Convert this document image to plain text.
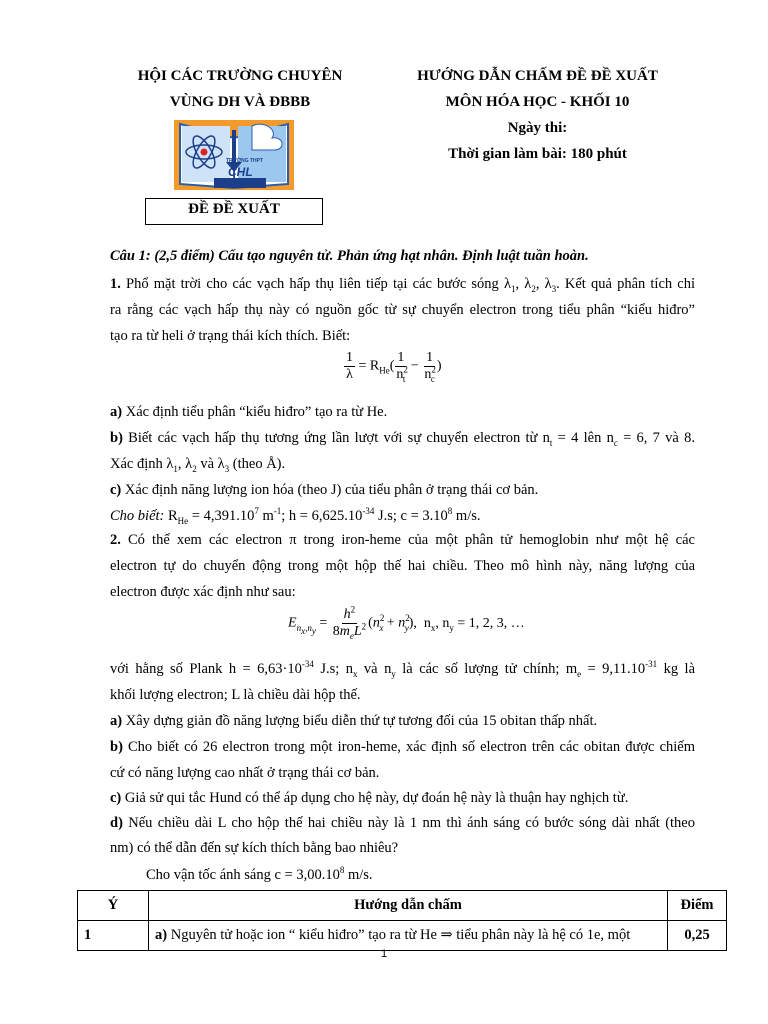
HỘI CÁC TRƯỜNG CHUYÊN
VÙNG DH VÀ ĐBBB
HƯỚNG DẪN CHẤM ĐỀ ĐỀ XUẤT
MÔN HÓA HỌC - KHỐI 10
Ngày thi:
Thời gian làm bài: 180 phút
TRƯỜNG THPT
CHL
ĐỀ ĐỀ XUẤT
Câu 1: (2,5 điểm) Cấu tạo nguyên tử. Phản ứng hạt nhân. Định luật tuần hoàn.
1. Phổ mặt trời cho các vạch hấp thụ liên tiếp tại các bước sóng $\lambda_1$, $\lambda_2$, $\lambda_3$. Kết quả phân tích chỉ
ra rằng các vạch hấp thụ này có nguồn gốc từ sự chuyển electron trong tiểu phân “kiểu hiđro”
tạo ra từ heli ở trạng thái kích thích. Biết:
$\frac{1}{\lambda} = R_{He}( \frac{1}{n^2_t} - \frac{1}{n^2_c}$ )
a) Xác định tiểu phân “kiểu hiđro” tạo ra từ He.
b) Biết các vạch hấp thụ tương ứng lần lượt với sự chuyển electron từ $n_t = 4$ lên $n_c = 6$, 7 và 8.
Xác định $\lambda_1$, $\lambda_2$ và $\lambda_3$ (theo Å).
c) Xác định năng lượng ion hóa (theo J) của tiểu phân ở trạng thái cơ bản.
Cho biết: $R_{He} = 4,391.10^7$ $m^{-1}$; $h = 6,625.10^{-34}$ J.s; $c = 3.10^8$ m/s.
2. Có thể xem các electron π trong iron-heme của một phân tử hemoglobin như một hệ các
electron tự do chuyển động trong một hộp thế hai chiều. Theo mô hình này, năng lượng của
electron được xác định như sau:
$E_{n_x,n_y} = \frac{h^2}{8m_eL^2} (n^2_x + n^2_y)$,  $n_x$, $n_y = 1$, 2, 3, …
với hằng số Plank $h = 6,63\cdot 10^{-34}$ J.s; $n_x$ và $n_y$ là các số lượng tử chính; $m_e = 9,11.10^{-31}$ kg là
khối lượng electron; L là chiều dài hộp thế.
a) Xây dựng giản đồ năng lượng biểu diễn thứ tự tương đối của 15 obitan thấp nhất.
b) Cho biết có 26 electron trong một iron-heme, xác định số electron trên các obitan được chiếm
cứ có năng lượng cao nhất ở trạng thái cơ bản.
c) Giả sử qui tắc Hund có thể áp dụng cho hệ này, dự đoán hệ này là thuận hay nghịch từ.
d) Nếu chiều dài L cho hộp thế hai chiều này là 1 nm thì ánh sáng có bước sóng dài nhất (theo
nm) có thể dẫn đến sự kích thích bằng bao nhiêu?
Cho vận tốc ánh sáng $c = 3,00.10^8$ m/s.
Ý	Hướng dẫn chấm	Điểm
1	a) Nguyên tử hoặc ion “ kiểu hiđro” tạo ra từ He ⇒ tiểu phân này là hệ có 1e, một	0,25
1
